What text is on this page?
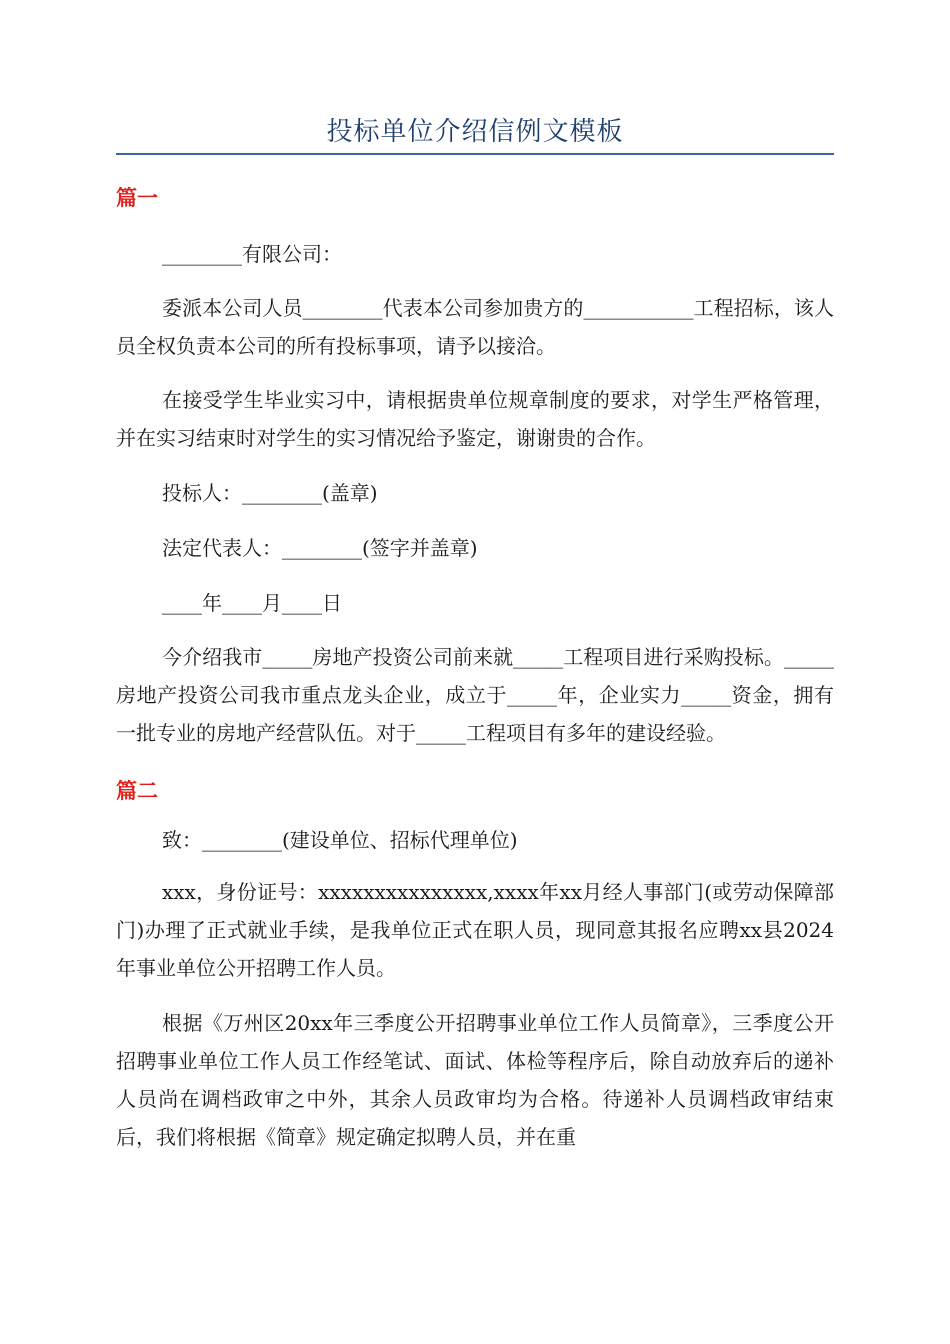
投标单位介绍信例文模板
篇一

________有限公司：

委派本公司人员________代表本公司参加贵方的___________工程招标，该人员全权负责本公司的所有投标事项，请予以接洽。

在接受学生毕业实习中，请根据贵单位规章制度的要求，对学生严格管理，并在实习结束时对学生的实习情况给予鉴定，谢谢贵的合作。

投标人：________(盖章)

法定代表人：________(签字并盖章)

____年____月____日

今介绍我市_____房地产投资公司前来就_____工程项目进行采购投标。_____房地产投资公司我市重点龙头企业，成立于_____年，企业实力_____资金，拥有一批专业的房地产经营队伍。对于_____工程项目有多年的建设经验。

篇二

致：________(建设单位、招标代理单位)

xxx，身份证号：xxxxxxxxxxxxxxx,xxxx年xx月经人事部门(或劳动保障部门)办理了正式就业手续，是我单位正式在职人员，现同意其报名应聘xx县2024年事业单位公开招聘工作人员。

根据《万州区20xx年三季度公开招聘事业单位工作人员简章》，三季度公开招聘事业单位工作人员工作经笔试、面试、体检等程序后，除自动放弃后的递补人员尚在调档政审之中外，其余人员政审均为合格。待递补人员调档政审结束后，我们将根据《简章》规定确定拟聘人员，并在重
